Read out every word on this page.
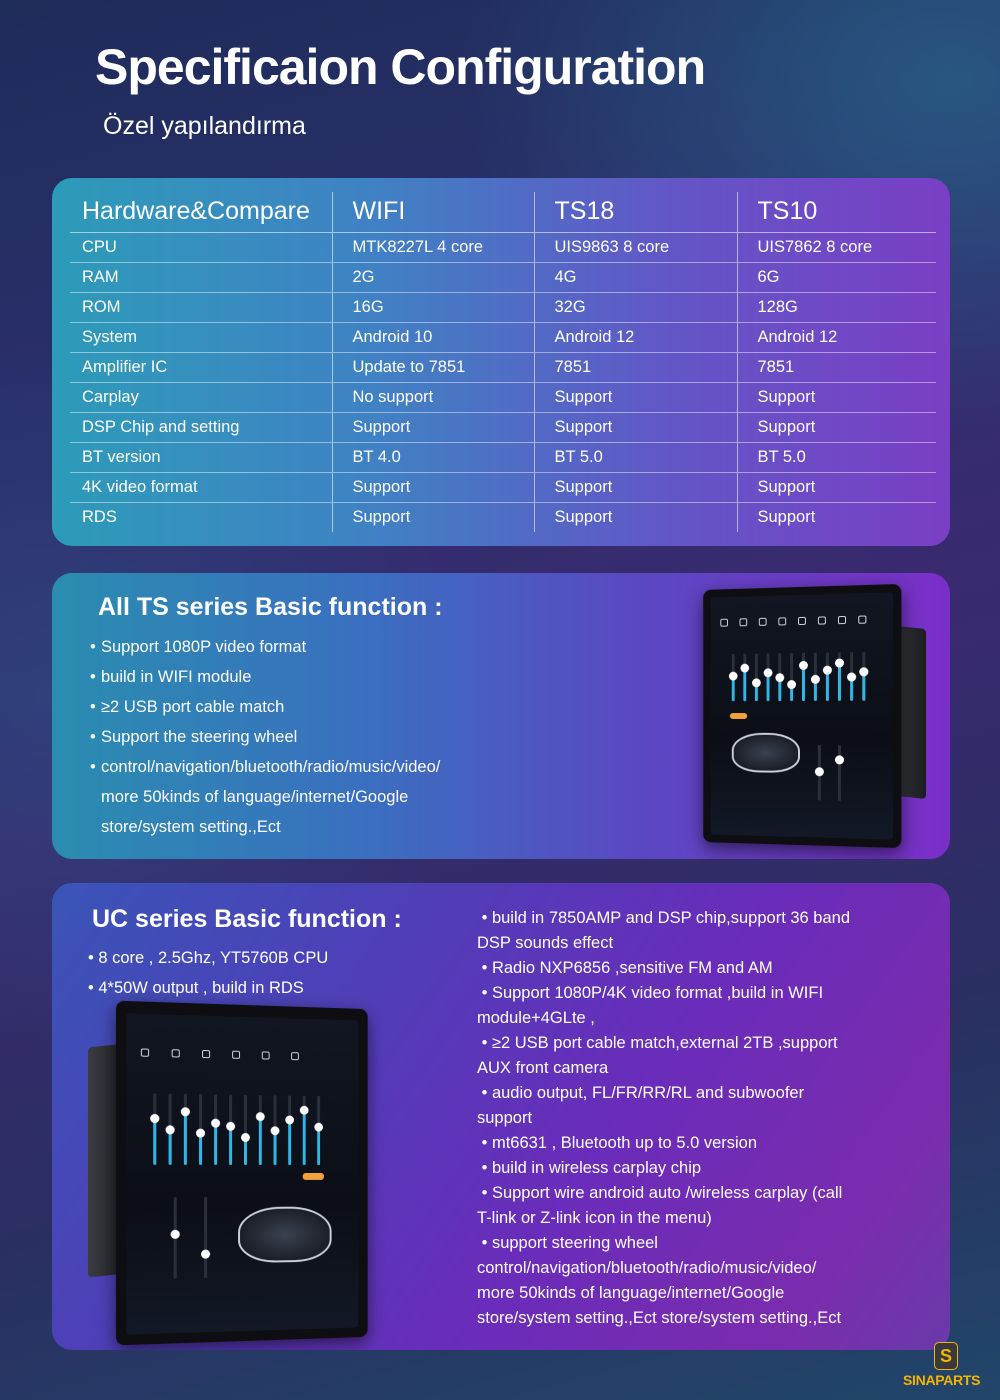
Specificaion Configuration
Özel yapılandırma
Hardware&Compare	WIFI	TS18	TS10
CPU	MTK8227L 4 core	UIS9863 8 core	UIS7862 8 core
RAM	2G	4G	6G
ROM	16G	32G	128G
System	Android 10	Android 12	Android 12
Amplifier IC	Update to 7851	7851	7851
Carplay	No support	Support	Support
DSP Chip and setting	Support	Support	Support
BT version	BT 4.0	BT 5.0	BT 5.0
4K video format	Support	Support	Support
RDS	Support	Support	Support
All TS series Basic function :
• Support 1080P video format
• build in WIFI module
• ≥2 USB port cable match
• Support the steering wheel
• control/navigation/bluetooth/radio/music/video/
more 50kinds of language/internet/Google
store/system setting.,Ect
UC series Basic function :
• 8 core , 2.5Ghz, YT5760B CPU
• 4*50W output , build in RDS
• build in 7850AMP and DSP chip,support 36 band
DSP sounds effect
• Radio NXP6856 ,sensitive FM and AM
• Support 1080P/4K video format ,build in WIFI
module+4GLte ,
• ≥2 USB port cable match,external 2TB ,support
AUX front camera
• audio output, FL/FR/RR/RL and subwoofer
support
• mt6631 , Bluetooth up to 5.0 version
• build in wireless carplay chip
• Support wire android auto /wireless carplay (call
T-link or Z-link icon in the menu)
• support steering wheel
control/navigation/bluetooth/radio/music/video/
more 50kinds of language/internet/Google
store/system setting.,Ect store/system setting.,Ect
S
SINAPARTS
